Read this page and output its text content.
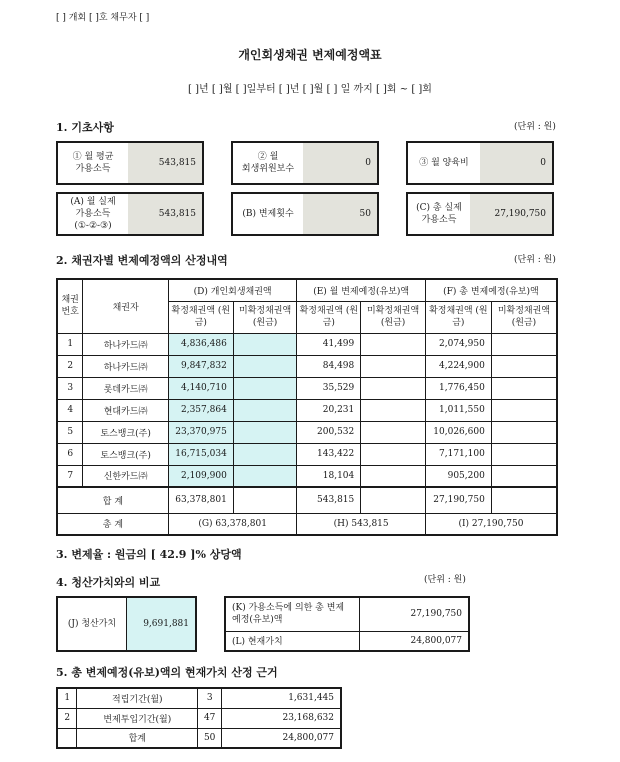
[ ] 개회 [ ]호 채무자 [ ]
개인회생채권 변제예정액표
[ ]년 [ ]월 [ ]일부터 [ ]년 [ ]월 [ ] 일 까지 [ ]회 ~ [ ]회
1. 기초사항	(단위 : 원)
① 월 평균
가용소득
543,815
② 월
회생위원보수
0	③ 월 양육비	0
(A) 월 실제
가용소득
(①-②-③)
543,815	(B) 변제횟수	50
(C) 총 실제
가용소득
27,190,750
2. 채권자별 변제예정액의 산정내역	(단위 : 원)
채권 번호	채권자	(D) 개인회생채권액		(E) 월 변제예정(유보)액		(F) 총 변제예정(유보)액	
		확정채권액 (원금)	미확정채권액 (원금)	확정채권액 (원금)	미확정채권액 (원금)	확정채권액 (원금)	미확정채권액 (원금)
1	하나카드㈜	4,836,486		41,499		2,074,950	
2	하나카드㈜	9,847,832		84,498		4,224,900	
3	롯데카드㈜	4,140,710		35,529		1,776,450	
4	현대카드㈜	2,357,864		20,231		1,011,550	
5	토스뱅크(주)	23,370,975		200,532		10,026,600	
6	토스뱅크(주)	16,715,034		143,422		7,171,100	
7	신한카드㈜	2,109,900		18,104		905,200	
합 계		63,378,801		543,815		27,190,750	
총 계		(G) 63,378,801		(H) 543,815		(I) 27,190,750	
3. 변제율 : 원금의 [ 42.9 ]% 상당액
4. 청산가치와의 비교	(단위 : 원)
(J) 청산가치	9,691,881
(K) 가용소득에 의한 총 변제
예정(유보)액	27,190,750
(L) 현재가치	24,800,077
5. 총 변제예정(유보)액의 현재가치 산정 근거
1	적립기간(월)	3	1,631,445
2	변제투입기간(월)	47	23,168,632
	합계	50	24,800,077
